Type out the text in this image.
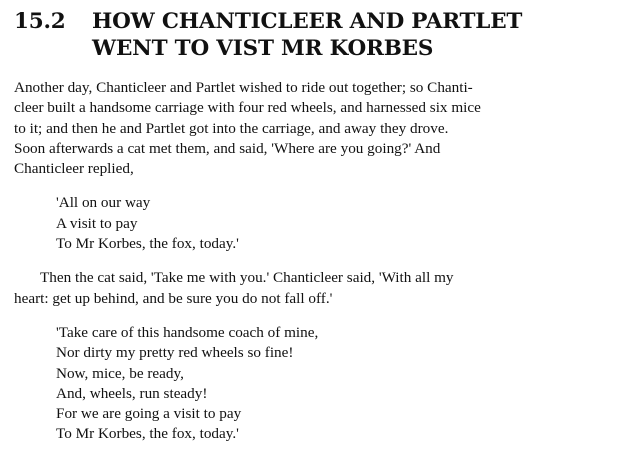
15.2	HOW CHANTICLEER AND PARTLET
WENT TO VIST MR KORBES

Another day, Chanticleer and Partlet wished to ride out together; so Chanti-
cleer built a handsome carriage with four red wheels, and harnessed six mice
to it; and then he and Partlet got into the carriage, and away they drove.
Soon afterwards a cat met them, and said, 'Where are you going?' And
Chanticleer replied,

'All on our way
A visit to pay
To Mr Korbes, the fox, today.'

Then the cat said, 'Take me with you.' Chanticleer said, 'With all my
heart: get up behind, and be sure you do not fall off.'

'Take care of this handsome coach of mine,
Nor dirty my pretty red wheels so fine!
Now, mice, be ready,
And, wheels, run steady!
For we are going a visit to pay
To Mr Korbes, the fox, today.'
